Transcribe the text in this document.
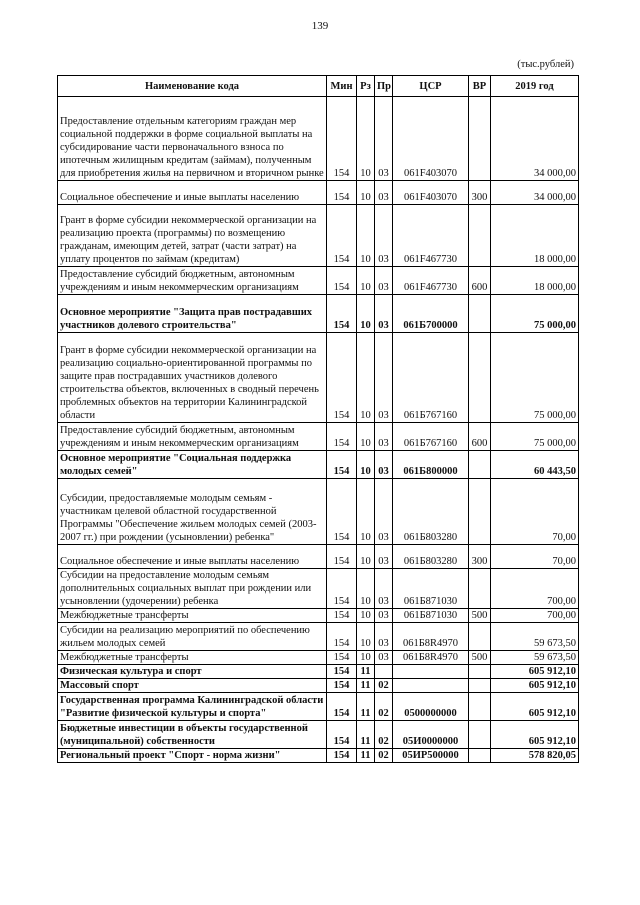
139
(тыс.рублей)
Наименование кода	Мин	Рз	Пр	ЦСР	ВР	2019 год
Предоставление отдельным категориям граждан мер социальной поддержки в форме социальной выплаты на субсидирование части первоначального взноса по ипотечным жилищным кредитам (займам), полученным для приобретения жилья на первичном и вторичном рынке	154	10	03	061F403070		34 000,00
Социальное обеспечение и иные выплаты населению	154	10	03	061F403070	300	34 000,00
Грант в форме субсидии некоммерческой организации на реализацию проекта (программы) по возмещению гражданам, имеющим детей, затрат (части затрат) на уплату процентов по займам (кредитам)	154	10	03	061F467730		18 000,00
Предоставление субсидий бюджетным, автономным учреждениям и иным некоммерческим организациям	154	10	03	061F467730	600	18 000,00
Основное мероприятие "Защита прав пострадавших участников долевого строительства"	154	10	03	061Б700000		75 000,00
Грант в форме субсидии некоммерческой организации на реализацию социально-ориентированной программы по защите прав пострадавших участников долевого строительства объектов, включенных в сводный перечень проблемных объектов на территории Калининградской области	154	10	03	061Б767160		75 000,00
Предоставление субсидий бюджетным, автономным учреждениям и иным некоммерческим организациям	154	10	03	061Б767160	600	75 000,00
Основное мероприятие "Социальная поддержка молодых семей"	154	10	03	061Б800000		60 443,50
Субсидии, предоставляемые молодым семьям - участникам целевой областной государственной Программы "Обеспечение жильем молодых семей (2003-2007 гг.) при рождении (усыновлении) ребенка"	154	10	03	061Б803280		70,00
Социальное обеспечение и иные выплаты населению	154	10	03	061Б803280	300	70,00
Субсидии на предоставление молодым семьям дополнительных социальных выплат при рождении или усыновлении (удочерении) ребенка	154	10	03	061Б871030		700,00
Межбюджетные трансферты	154	10	03	061Б871030	500	700,00
Субсидии на реализацию мероприятий по обеспечению жильем молодых семей	154	10	03	061Б8R4970		59 673,50
Межбюджетные трансферты	154	10	03	061Б8R4970	500	59 673,50
Физическая культура и спорт	154	11				605 912,10
Массовый спорт	154	11	02			605 912,10
Государственная программа Калининградской области "Развитие физической культуры и спорта"	154	11	02	0500000000		605 912,10
Бюджетные инвестиции в объекты государственной (муниципальной) собственности	154	11	02	05И0000000		605 912,10
Региональный проект "Спорт - норма жизни"	154	11	02	05ИР500000		578 820,05
